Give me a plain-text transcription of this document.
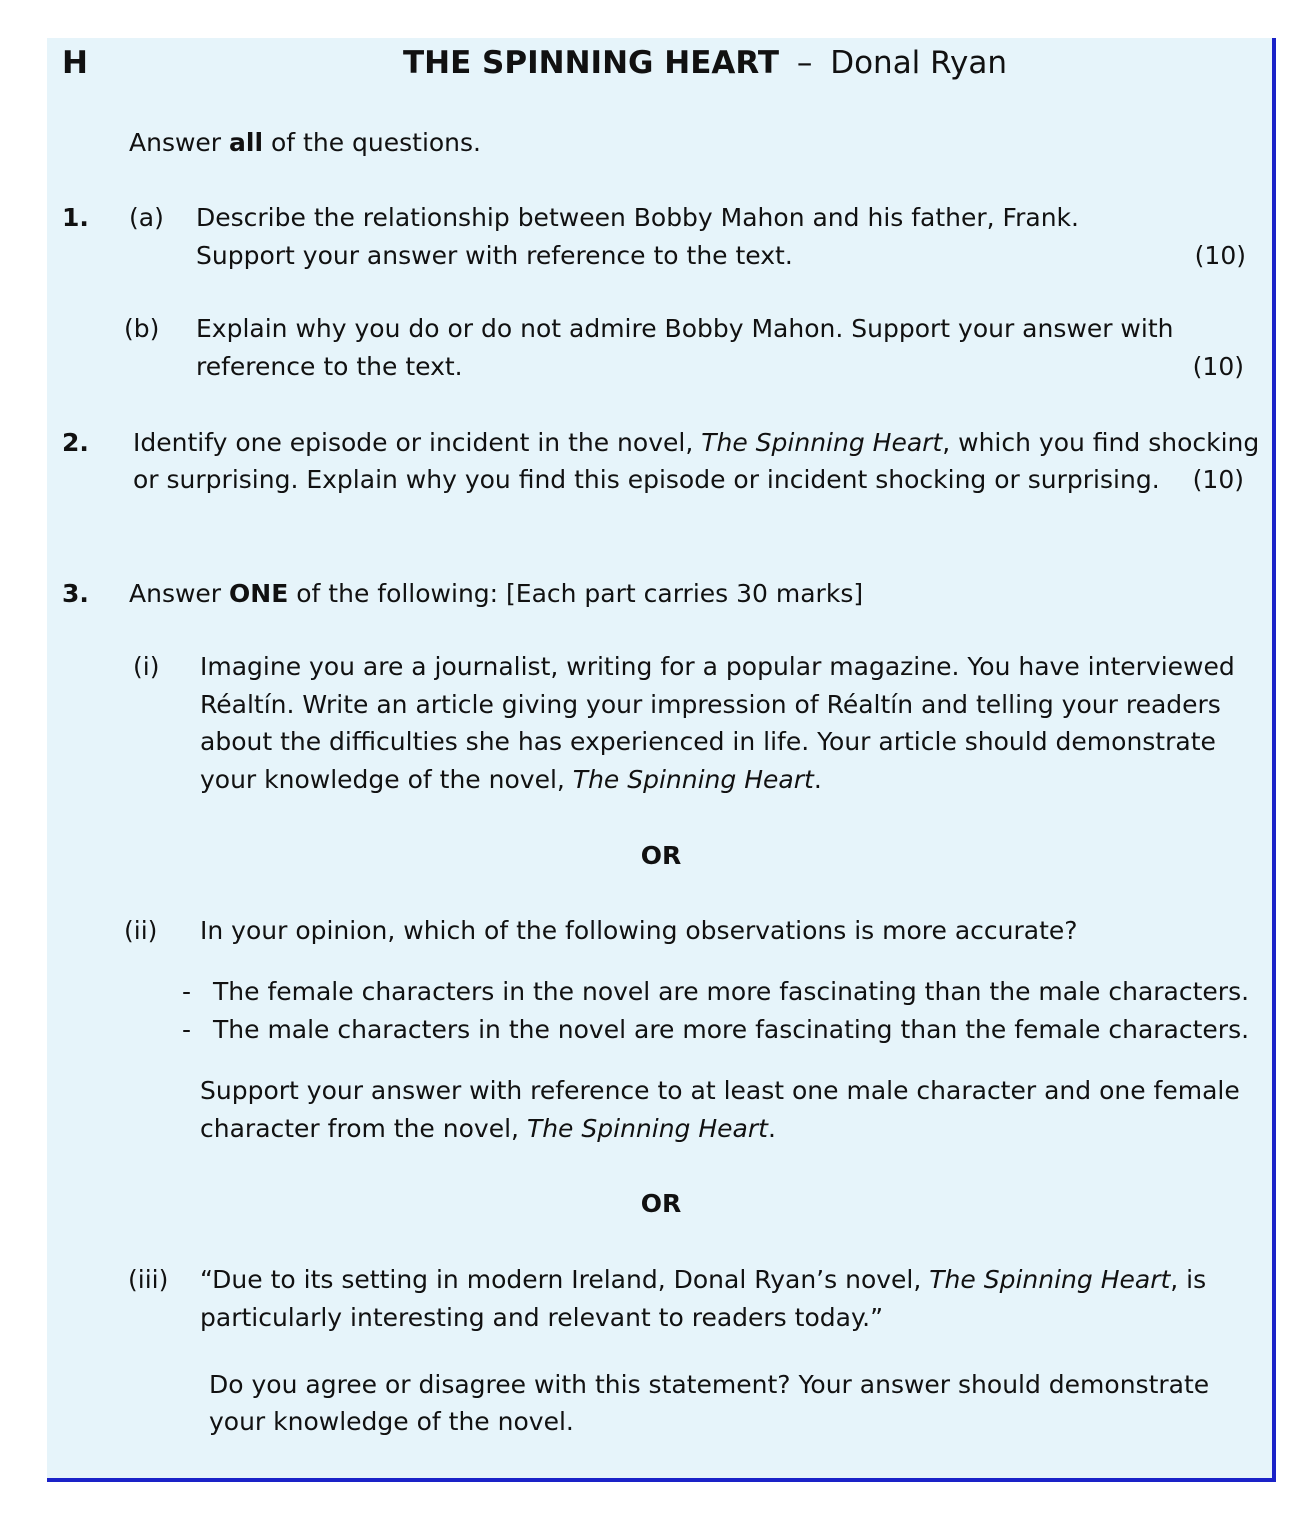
H	THE SPINNING HEART – Donal Ryan
Answer all of the questions.
1. (a) Describe the relationship between Bobby Mahon and his father, Frank.
Support your answer with reference to the text.	(10)
(b) Explain why you do or do not admire Bobby Mahon. Support your answer with
reference to the text.	(10)
2. Identify one episode or incident in the novel, The Spinning Heart, which you find shocking
or surprising. Explain why you find this episode or incident shocking or surprising.	(10)
3. Answer ONE of the following: [Each part carries 30 marks]
(i) Imagine you are a journalist, writing for a popular magazine. You have interviewed
Réaltín. Write an article giving your impression of Réaltín and telling your readers
about the difficulties she has experienced in life. Your article should demonstrate
your knowledge of the novel, The Spinning Heart.
OR
(ii) In your opinion, which of the following observations is more accurate?
- The female characters in the novel are more fascinating than the male characters.
- The male characters in the novel are more fascinating than the female characters.
Support your answer with reference to at least one male character and one female
character from the novel, The Spinning Heart.
OR
(iii) “Due to its setting in modern Ireland, Donal Ryan’s novel, The Spinning Heart, is
particularly interesting and relevant to readers today.”
Do you agree or disagree with this statement? Your answer should demonstrate
your knowledge of the novel.
